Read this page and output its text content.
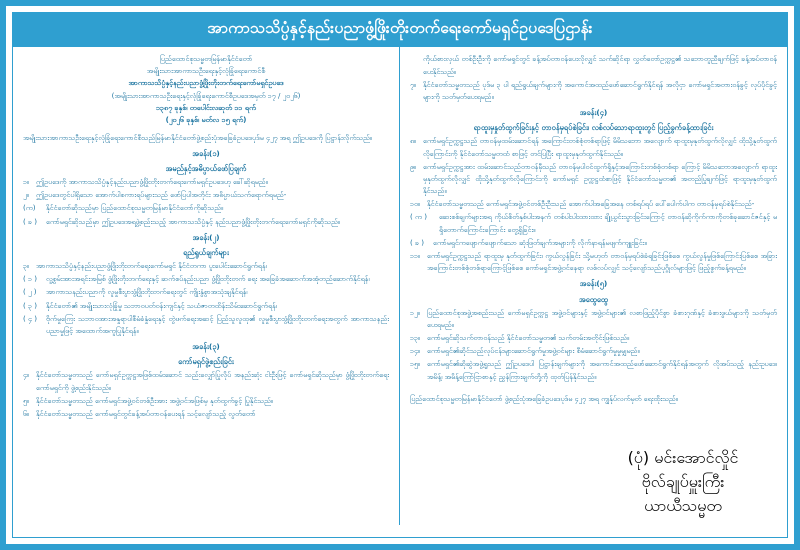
အာကာသသိပ္ပံနှင့်နည်းပညာဖွံ့ဖြိုးတိုးတက်ရေးကော်မရှင်ဥပဒေပြဌာန်း
ပြည်ထောင်စုသမ္မတမြန်မာနိုင်ငံတော်
အမျိုးသားအာကာသဦးရေးနှင့်လုံခြုံရေးကောင်စီ
အာကာသသိပ္ပံနှင့်နည်းပညာဖွံ့ဖြိုးတိုးတက်ရေးကော်မရှင်ဥပဒေ
(အမျိုးသားအာကာသဦးရေးနှင့်လုံခြုံရေးကောင်စီဥပဒေအမှတ် ၁၇ / ၂၀၂၆)
၁၃၈၇ ခုနှစ်၊ တပေါင်းလဆုတ် ၁၁ ရက်
(၂၀၂၆ ခုနှစ်၊ မတ်လ ၁၅ ရက်)
အမျိုးသားအာကာသဦးရေးနှင့်လုံခြုံရေးကောင်စီသည်မြန်မာနိုင်ငံတော်ဖွဲ့စည်းပုံအခြေခံဥပဒေပုဒ်မ ၄၂၇ အရ ဤဥပဒေကို ပြဋ္ဌာန်းလိုက်သည်။
အခန်း(၁)
အမည်နှင့်အဓိပ္ပာယ်ဖော်ပြချက်
၁။ ဤဥပဒေကို အာကာသသိပ္ပံနှင့်နည်းပညာဖွံ့ဖြိုးတိုးတက်ရေးကော်မရှင်ဥပဒေဟု ခေါ်ဆိုရမည်။
၂။	ဤဥပဒေတွင်ပါရှိသော အောက်ပါစကားရပ်များသည် ဖော်ပြပါအတိုင်း အဓိပ္ပာယ်သက်ရောက်ရမည်-
(က)	နိုင်ငံတော်ဆိုသည်မှာ ပြည်ထောင်စုသမ္မတမြန်မာနိုင်ငံတော်ကိုဆိုသည်။
( ခ )	ကော်မရှင်ဆိုသည်မှာ ဤဥပဒေအရဖွဲ့စည်းသည့် အာကာသသိပ္ပံနှင့် နည်းပညာဖွံ့ဖြိုးတိုးတက်ရေးကော်မရှင်ကိုဆိုသည်။
အခန်း(၂)
ရည်ရွယ်ချက်များ
၃။ အာကာသသိပ္ပံနှင့်နည်းပညာဖွံ့ဖြိုးတိုးတက်ရေးကော်မရှင် နိုင်ငံတကာ ပူးပေါင်းဆောင်ရွက်ရန်၊
( ၁ )	လူ့စွမ်းအားအရင်းအမြစ် ဖွံ့ဖြိုးတိုးတက်ရေးနှင့် ဆက်စပ်နည်းပညာ ဖွံ့ဖြိုးတိုးတက် ရေး အခြေခံအဆောက်အအုံတည်ဆောက်နိုင်ရန်၊
( ၂ )	အာကာသနည်းပညာကို လူမှုစီးပွားဖွံ့ဖြိုးတိုးတက်ရေးတွင် ကျိုးနွံစွာအသုံးချနိုင်ရန်၊
( ၃ )	နိုင်ငံတော်၏ အမျိုးသားလုံခြုံမှု သဘာဝပတ်ဝန်းကျင်နှင့် သယံဇာတထိန်းသိမ်းဆောင်ရွက်ရန်၊
( ၄ )	ဗိုက်မှုကြေး သဘာဝအားအနှုရာပါစီမံခံနှုံရေးနှင့် တွဲဖက်ရေးအဆင့် ပြည်သူလူထု၏ လူမှုစီးပွားဖွံ့ဖြိုးတိုးတက်ရေးအတွက် အာကာသနည်းပညာမှုဖြင့် အထောက်အကူပြုနိုင်ရန်။
အခန်း(၃)
ကော်မရှင်ဖွဲ့စည်းခြင်း
၄။ နိုင်ငံတော်သမ္မတသည် ကော်မရှင်ဥက္ကဋ္ဌအဖြစ်ထမ်းဆောင် သည်းလျှော်ပြုလိုပ် အနည်းဆုံး ငါးဦးဖြင့် ကော်မရှင်ဆိုသည်မှာ ဖွံ့ဖြိုးတိုးတက်ရေးကော်မရှင်ကို ဖွဲ့စည်းနိုင်သည်။
၅။ နိုင်ငံတော်သမ္မတသည် ကော်မရှင်အဖွဲ့ဝင်တစ်ဦးအား အဖွဲ့ဝင်အဖြစ်မှ နုတ်ထွက်ခွင့် ပြုနိုင်သည်။
၆။ နိုင်ငံတော်သမ္မတသည် ကော်မရှင်တွင်ခန့်အပ်တာဝန်ပေးရန် သင့်လျော်သည့် လွတ်တော်
ကိုယ်စားလှယ် တစ်ဦးဦးကို ကော်မရှင်တွင် ခန့်အပ်တာဝန်ပေးလိုလျှင် သက်ဆိုင်ရာ လွှတ်တော်ဥက္ကဋ္ဌ၏ သဘောတူညီချက်ဖြင့် ခန့်အပ်တာဝန်ပေးနိုင်သည်။
၇။ နိုင်ငံတော်သမ္မတသည် ပုဒ်မ ၃ ပါ ရည်ရွယ်ချက်များကို အကောင်အထည်ဖော်ဆောင်ရွက်နိုင်ရန် အလိုငှာ ကော်မရှင်အတားဝန်ခွင့် လုပ်ပိုင်ခွင့်များကို သတ်မှတ်ပေးရမည်။
အခန်း(၄)
ရာထူးမှနှုတ်ထွက်ခြင်းနှင့် တာဝန်မှရပ်စဲခြင်း၊ လစ်လပ်သောရာထူးတွင် ပြည့်ခွက်ခန့်ထားခြင်း
၈။ ကော်မရှင်ဥက္ကဋ္ဌသည် တာဝန်မှထမ်းဆောင်ရန် အကြောင်းတစ်စုံတစ်ရာဖြင့် မိမိသဘော အလျောက် ရာထူးမှနုတ်ထွက်လိုလျှင် ထိုသို့နုတ်ထွက်လိုကြောင်းကို နိုင်ငံတော်သမ္မတထံ စာဖြင့် တင်ပြပြီး ရာထူးမှနုတ်ထွက်နိုင်သည်။
၉။ ကော်မရှင်ဥက္ကဋ္ဌအား ထမ်းဆောင်သည်တာဝန်မှီသည် တာဝန်မှပါဝင်ထွက်ရှိနှင့်အကြောင်းတစ်စုံတစ်ရာ ကြောင့် မိမိသဘောအလျောက် ရာထူးမှနုတ်ထွက်လိုလျှင် ထိုသို့နုတ်ထွက်လိုကြောင်းကို ကော်မရှင် ဥက္ကဋ္ဌထံစာဖြင့် နိုင်ငံတော်သမ္မတ၏ အတည်ပြုချက်ဖြင့် ရာထူးမှနုတ်ထွက်နိုင်သည်။
၁၀။ နိုင်ငံတော်သမ္မတသည် ကော်မရှင်အဖွဲ့ဝင်တစ်ဦးဦးသည် အောက်ပါအခြေအနေ တစ်ရပ်ရပ် ပေါ်ပေါက်ပါက တာဝန်မှရပ်စဲနိုင်သည်-
( က )	ဆေးစစ်ချက်များအရ ကိုယ်စိတ်နှစ်ပါးအနက် တစ်ပါးပါးထားထား ချို့ယွင်းသွားခြင်းကြောင့် တာဝန်ဆိုကိုက်ကာကိုတစ်ခုဆောင်ဇင်နှင့် မရှိတောက်ကြောင်းကြောင်း တွေ့ရှိခြင်း။
( ခ )	ကော်မရှင်ကဖျောက်ဖျောက်သော ဆုံးဖြတ်ချက်အများကို လိုက်နာရန်မဖျက်ကျူးခြင်း။
၁၁။ ကော်မရှင်ဥက္ကဋ္ဌသည် ရာထူးမှ နုတ်ထွက်ခြင်း၊ ကွယ်လွန်ခြင်း သို့မဟုတ် တာဝန်မှရပ်စဲခံရခြင်းဖြစ်စေ ကွယ်လွန်မှုဖြစ်ကြောင်းပြစ်စေ အခြားအကြောင်းတစ်စုံတစ်ရာကြောင့်ဖြစ်စေ ကော်မရှင်အဖွဲ့ဝင်နေရာ လစ်လပ်လျှင် သင့်လျော်သည်ပုဂ္ဂိုလ်များဖြင့် ဖြည့်စွက်ခန့်ရမည်။
အခန်း(၅)
အထွေထွေ
၁၂။	ပြည်ထောင်စုအဖွဲ့အစည်းသည် ကော်မရှင်ဥက္ကဋ္ဌ အဖွဲ့ဝင်များနှင့် အဖွဲ့ဝင်များ၏ လစာဖြည့်ပိုင်စွာ ခံစားဂုဏ်နှင့် ခံစားဖွယ်များကို သတ်မှတ်ပေးရမည်။
၁၃။ ကော်မရှင်ဆိုသက်တာဝန်သည် နိုင်ငံတော်သမ္မတ၏ သက်တမ်းအတိုင်းဖြစ်သည်။
၁၄။ ကော်မရှင်၏ဆိုင်သည်လုပ်ငန်းများဆောင်ရွက်မှုအဖွဲ့ဝင်များ စီမံဆောင်ရွက်မှုမှုမျှမည်။
၁၅။ ကော်မရှင်၏ဆိုဆွဲအဖွဲ့ရှုသည် ဤဥပဒေပါ ပြဋ္ဌာန်းချက်များကို အကောင်အထည်ဖော်ဆောင်ရွက်နိုင်ရန်အတွက် လိုအပ်သည့် နည်းဥပဒေ၊ အမိန့်၊ အမိန့်ကြော်ငြာစာနှင့် ညွှန်ကြားချက်တို့ကို ထုတ်ပြန်နိုင်သည်။
ပြည်ထောင်စုသမ္မတမြန်မာနိုင်ငံတော် ဖွဲ့စည်းပုံအခြေခံဥပဒေပုဒ်မ ၄၂၇ အရ ကျွန်ုပ်လက်မှတ် ရေးထိုးသည်။
(ပုံ) မင်းအောင်လှိုင်
ဗိုလ်ချုပ်မှူးကြီး
ယာယီသမ္မတ
